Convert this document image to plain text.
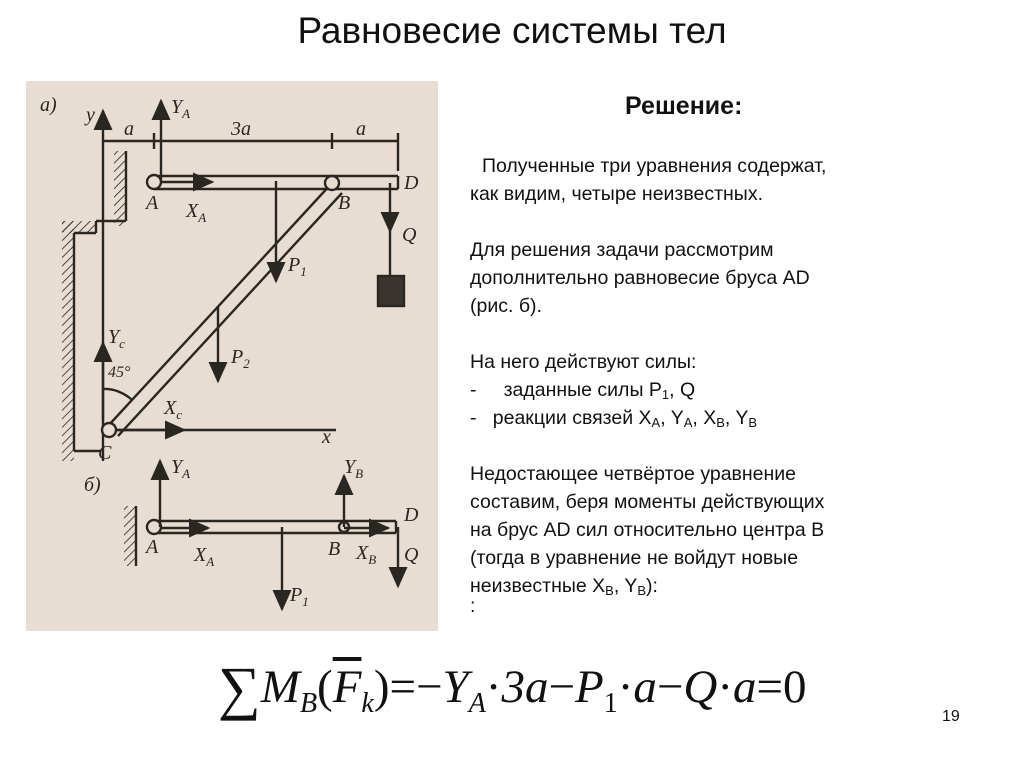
Равновесие системы тел
Решение:
а) y
a	3a	a
$Y_A$
A $X_A$
B
D
Q
$P_1$
$P_2$
$Y_c$
45°
$X_c$
C
x
б)
$Y_A$
A $X_A$
$Y_B$
B $X_B$
D
Q
$P_1$

Полученные три уравнения содержат,

как видим, четыре неизвестных.

Для решения задачи рассмотрим

дополнительно равновесие бруса AD

(рис. б).

На него действуют силы:

- заданные силы $P_1$, Q

- реакции связей $X_A$, $Y_A$, $X_B$, $Y_B$

Недостающее четвёртое уравнение

составим, беря моменты действующих

на брус AD сил относительно центра B

(тогда в уравнение не войдут новые

неизвестные $X_B$, $Y_B$):

:

$\sum M_B(\overline{F}_k)=-Y_A\cdot 3a-P_1\cdot a-Q\cdot a=0$
19
